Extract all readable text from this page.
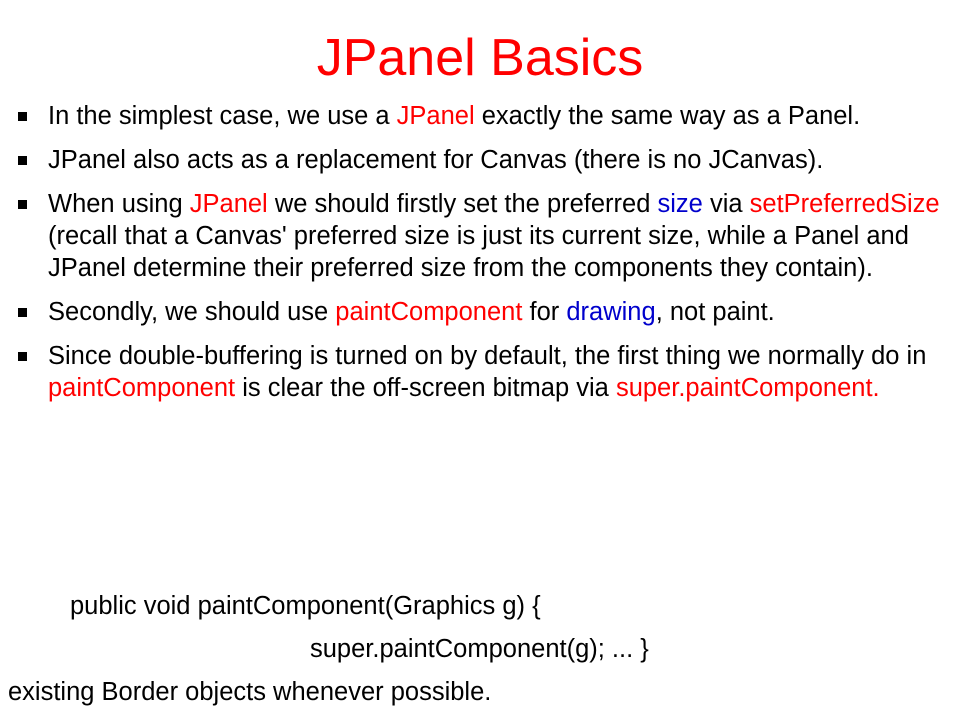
JPanel Basics
In the simplest case, we use a JPanel exactly the same way as a Panel.
JPanel also acts as a replacement for Canvas (there is no JCanvas).
When using JPanel we should firstly set the preferred size via setPreferredSize (recall that a Canvas' preferred size is just its current size, while a Panel and JPanel determine their preferred size from the components they contain).
Secondly, we should use paintComponent for drawing, not paint.
Since double-buffering is turned on by default, the first thing we normally do in paintComponent is clear the off-screen bitmap via super.paintComponent.
public void paintComponent(Graphics g) {
super.paintComponent(g); ... }
existing Border objects whenever possible.
